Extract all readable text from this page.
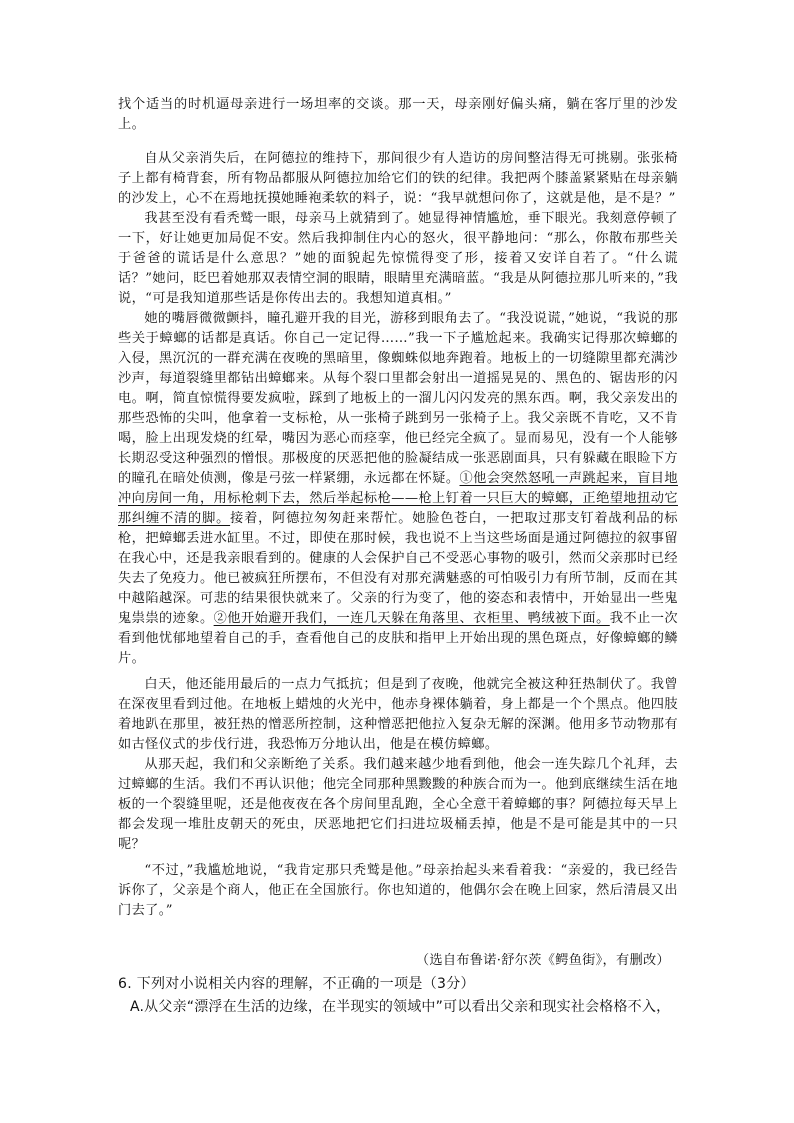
找个适当的时机逼母亲进行一场坦率的交谈。那一天，母亲刚好偏头痛，躺在客厅里的沙发上。

自从父亲消失后，在阿德拉的维持下，那间很少有人造访的房间整洁得无可挑剔。张张椅子上都有椅背套，所有物品都服从阿德拉加给它们的铁的纪律。我把两个膝盖紧紧贴在母亲躺的沙发上，心不在焉地抚摸她睡袍柔软的料子，说：“我早就想问你了，这就是他，是不是？”

我甚至没有看秃鹫一眼，母亲马上就猜到了。她显得神情尴尬，垂下眼光。我刻意停顿了一下，好让她更加局促不安。然后我抑制住内心的怒火，很平静地问：“那么，你散布那些关于爸爸的谎话是什么意思？”她的面貌起先惊慌得变了形，接着又安详自若了。“什么谎话？”她问，眨巴着她那双表情空洞的眼睛，眼睛里充满暗蓝。“我是从阿德拉那儿听来的，”我说，“可是我知道那些话是你传出去的。我想知道真相。”

她的嘴唇微微颤抖，瞳孔避开我的目光，游移到眼角去了。“我没说谎，”她说，“我说的那些关于蟑螂的话都是真话。你自己一定记得……”我一下子尴尬起来。我确实记得那次蟑螂的入侵，黑沉沉的一群充满在夜晚的黑暗里，像蜘蛛似地奔跑着。地板上的一切缝隙里都充满沙沙声，每道裂缝里都钻出蟑螂来。从每个裂口里都会射出一道摇晃晃的、黑色的、锯齿形的闪电。啊，简直惊慌得要发疯啦，踩到了地板上的一溜儿闪闪发亮的黑东西。啊，我父亲发出的那些恐怖的尖叫，他拿着一支标枪，从一张椅子跳到另一张椅子上。我父亲既不肯吃，又不肯喝，脸上出现发烧的红晕，嘴因为恶心而痉挛，他已经完全疯了。显而易见，没有一个人能够长期忍受这种强烈的憎恨。那极度的厌恶把他的脸凝结成一张恶剧面具，只有躲藏在眼睑下方的瞳孔在暗处侦测，像是弓弦一样紧绷，永远都在怀疑。①他会突然怒吼一声跳起来，盲目地冲向房间一角，用标枪刺下去，然后举起标枪——枪上钉着一只巨大的蟑螂，正绝望地扭动它那纠缠不清的脚。接着，阿德拉匆匆赶来帮忙。她脸色苍白，一把取过那支钉着战利品的标枪，把蟑螂丢进水缸里。不过，即使在那时候，我也说不上当这些场面是通过阿德拉的叙事留在我心中，还是我亲眼看到的。健康的人会保护自己不受恶心事物的吸引，然而父亲那时已经失去了免疫力。他已被疯狂所摆布，不但没有对那充满魅惑的可怕吸引力有所节制，反而在其中越陷越深。可悲的结果很快就来了。父亲的行为变了，他的姿态和表情中，开始显出一些鬼鬼祟祟的迹象。②他开始避开我们，一连几天躲在角落里、衣柜里、鸭绒被下面。我不止一次看到他忧郁地望着自己的手，查看他自己的皮肤和指甲上开始出现的黑色斑点，好像蟑螂的鳞片。

白天，他还能用最后的一点力气抵抗；但是到了夜晚，他就完全被这种狂热制伏了。我曾在深夜里看到过他。在地板上蜡烛的火光中，他赤身裸体躺着，身上都是一个个黑点。他四肢着地趴在那里，被狂热的憎恶所控制，这种憎恶把他拉入复杂无解的深渊。他用多节动物那有如古怪仪式的步伐行进，我恐怖万分地认出，他是在模仿蟑螂。

从那天起，我们和父亲断绝了关系。我们越来越少地看到他，他会一连失踪几个礼拜，去过蟑螂的生活。我们不再认识他；他完全同那种黑黢黢的种族合而为一。他到底继续生活在地板的一个裂缝里呢，还是他夜夜在各个房间里乱跑，全心全意干着蟑螂的事？阿德拉每天早上都会发现一堆肚皮朝天的死虫，厌恶地把它们扫进垃圾桶丢掉，他是不是可能是其中的一只呢？

“不过，”我尴尬地说，“我肯定那只秃鹫是他。”母亲抬起头来看着我：“亲爱的，我已经告诉你了，父亲是个商人，他正在全国旅行。你也知道的，他偶尔会在晚上回家，然后清晨又出门去了。”

（选自布鲁诺·舒尔茨《鳄鱼街》，有删改）
6. 下列对小说相关内容的理解，不正确的一项是（3分）
A.从父亲“漂浮在生活的边缘，在半现实的领域中”可以看出父亲和现实社会格格不入，
